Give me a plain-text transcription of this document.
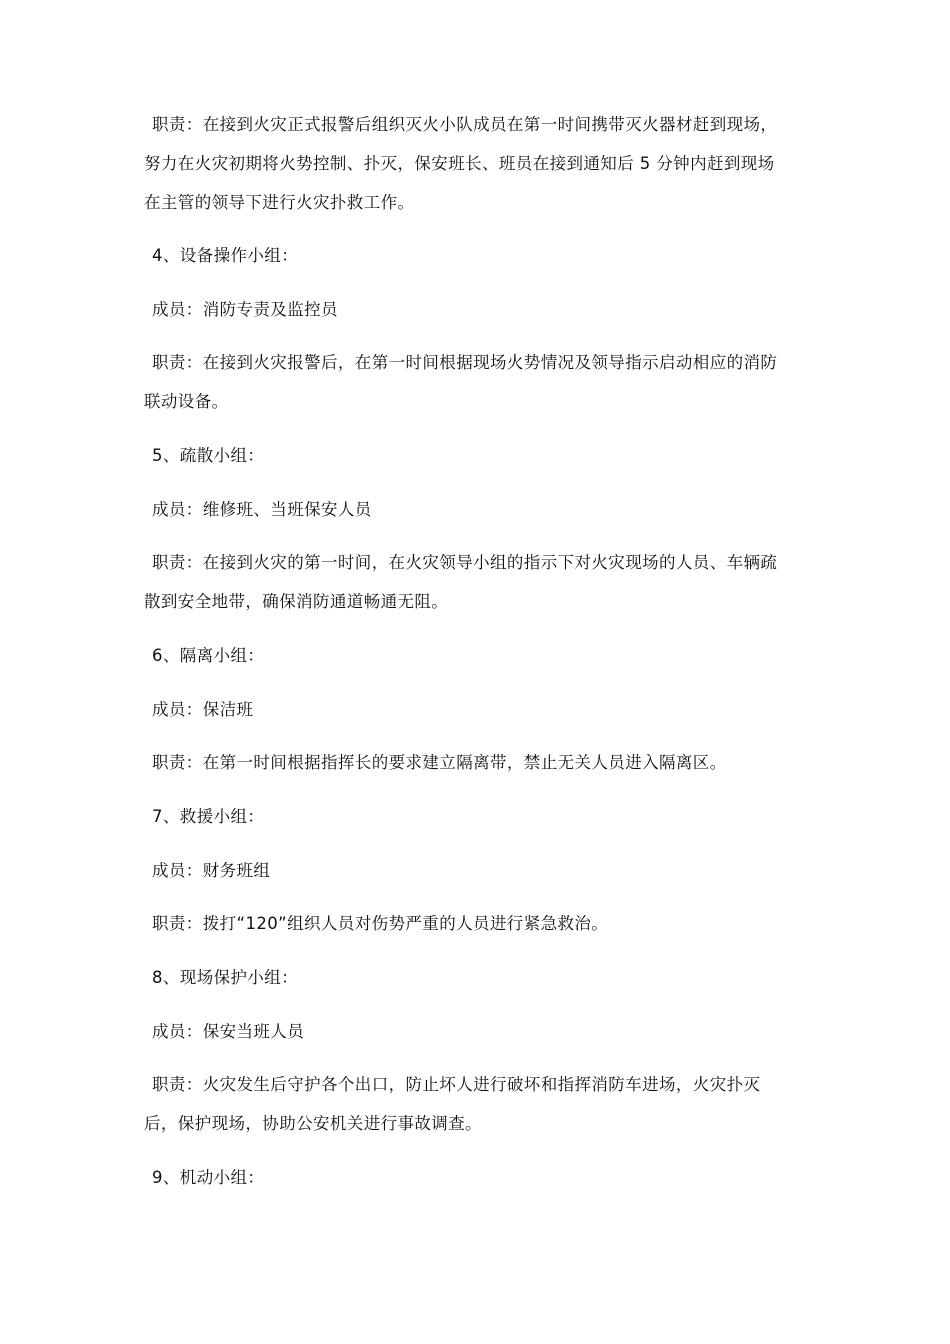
职责：在接到火灾正式报警后组织灭火小队成员在第一时间携带灭火器材赶到现场，
努力在火灾初期将火势控制、扑灭，保安班长、班员在接到通知后 5 分钟内赶到现场
在主管的领导下进行火灾扑救工作。
4、设备操作小组：
成员：消防专责及监控员
职责：在接到火灾报警后，在第一时间根据现场火势情况及领导指示启动相应的消防
联动设备。
5、疏散小组：
成员：维修班、当班保安人员
职责：在接到火灾的第一时间，在火灾领导小组的指示下对火灾现场的人员、车辆疏
散到安全地带，确保消防通道畅通无阻。
6、隔离小组：
成员：保洁班
职责：在第一时间根据指挥长的要求建立隔离带，禁止无关人员进入隔离区。
7、救援小组：
成员：财务班组
职责：拨打“120”组织人员对伤势严重的人员进行紧急救治。
8、现场保护小组：
成员：保安当班人员
职责：火灾发生后守护各个出口，防止坏人进行破坏和指挥消防车进场，火灾扑灭
后，保护现场，协助公安机关进行事故调查。
9、机动小组：
